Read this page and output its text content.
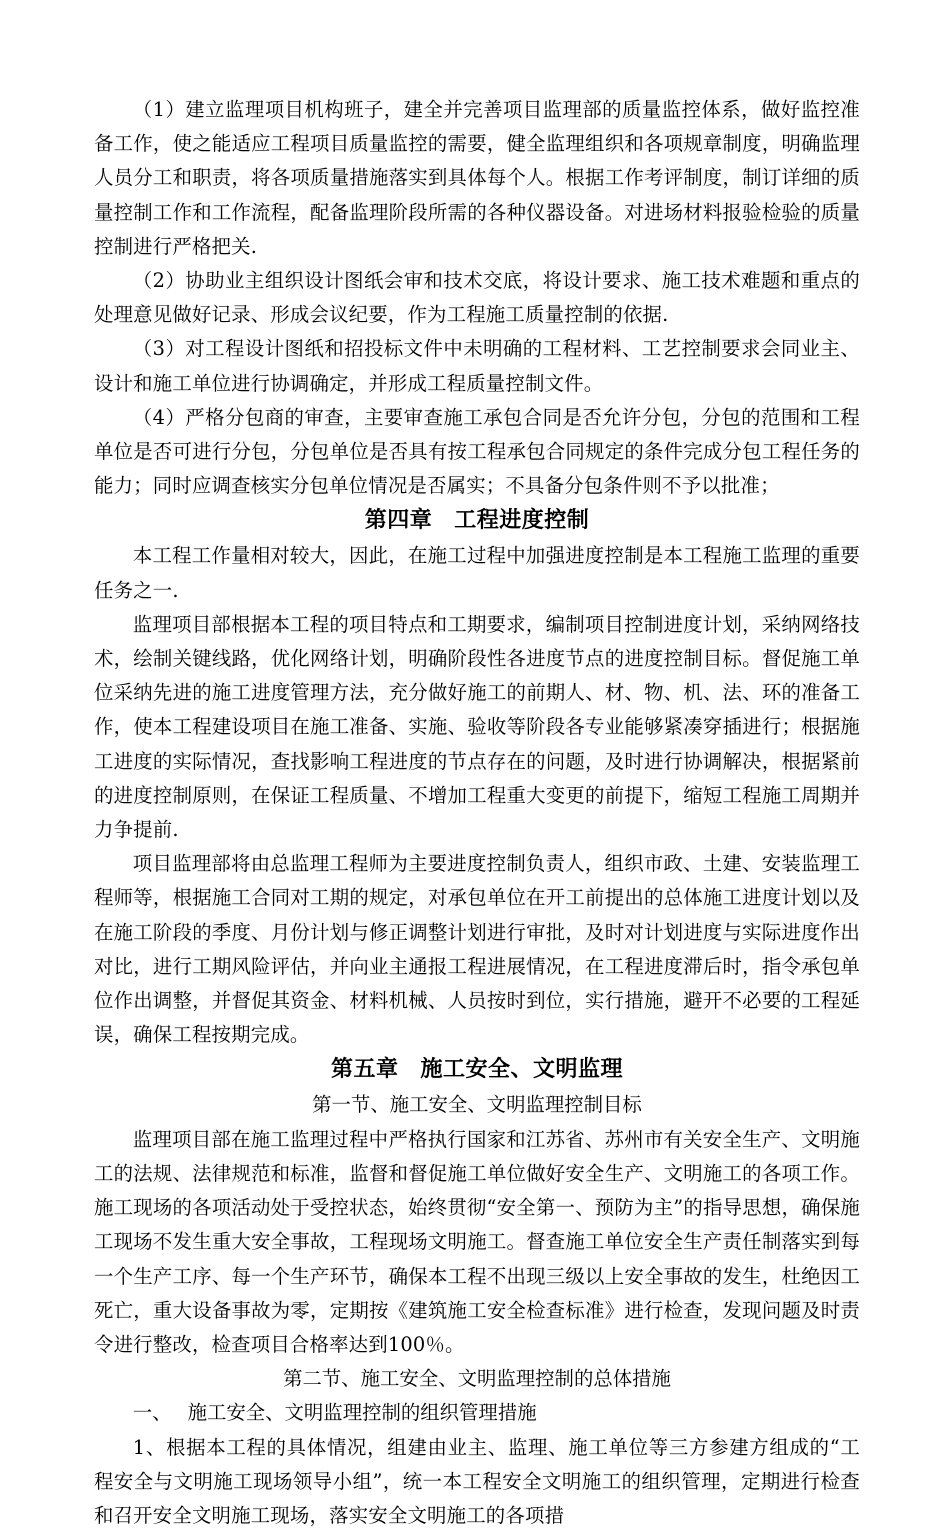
（1）建立监理项目机构班子，建全并完善项目监理部的质量监控体系，做好监控准备工作，使之能适应工程项目质量监控的需要，健全监理组织和各项规章制度，明确监理人员分工和职责，将各项质量措施落实到具体每个人。根据工作考评制度，制订详细的质量控制工作和工作流程，配备监理阶段所需的各种仪器设备。对进场材料报验检验的质量控制进行严格把关.

（2）协助业主组织设计图纸会审和技术交底，将设计要求、施工技术难题和重点的处理意见做好记录、形成会议纪要，作为工程施工质量控制的依据.

（3）对工程设计图纸和招投标文件中未明确的工程材料、工艺控制要求会同业主、设计和施工单位进行协调确定，并形成工程质量控制文件。

（4）严格分包商的审查，主要审查施工承包合同是否允许分包，分包的范围和工程单位是否可进行分包，分包单位是否具有按工程承包合同规定的条件完成分包工程任务的能力；同时应调查核实分包单位情况是否属实；不具备分包条件则不予以批准；

第四章 工程进度控制

本工程工作量相对较大，因此，在施工过程中加强进度控制是本工程施工监理的重要任务之一.

监理项目部根据本工程的项目特点和工期要求，编制项目控制进度计划，采纳网络技术，绘制关键线路，优化网络计划，明确阶段性各进度节点的进度控制目标。督促施工单位采纳先进的施工进度管理方法，充分做好施工的前期人、材、物、机、法、环的准备工作，使本工程建设项目在施工准备、实施、验收等阶段各专业能够紧凑穿插进行；根据施工进度的实际情况，查找影响工程进度的节点存在的问题，及时进行协调解决，根据紧前的进度控制原则，在保证工程质量、不增加工程重大变更的前提下，缩短工程施工周期并力争提前.

项目监理部将由总监理工程师为主要进度控制负责人，组织市政、土建、安装监理工程师等，根据施工合同对工期的规定，对承包单位在开工前提出的总体施工进度计划以及在施工阶段的季度、月份计划与修正调整计划进行审批，及时对计划进度与实际进度作出对比，进行工期风险评估，并向业主通报工程进展情况，在工程进度滞后时，指令承包单位作出调整，并督促其资金、材料机械、人员按时到位，实行措施，避开不必要的工程延误，确保工程按期完成。

第五章 施工安全、文明监理

第一节、施工安全、文明监理控制目标

监理项目部在施工监理过程中严格执行国家和江苏省、苏州市有关安全生产、文明施工的法规、法律规范和标准，监督和督促施工单位做好安全生产、文明施工的各项工作。施工现场的各项活动处于受控状态，始终贯彻“安全第一、预防为主”的指导思想，确保施工现场不发生重大安全事故，工程现场文明施工。督查施工单位安全生产责任制落实到每一个生产工序、每一个生产环节，确保本工程不出现三级以上安全事故的发生，杜绝因工死亡，重大设备事故为零，定期按《建筑施工安全检查标准》进行检查，发现问题及时责令进行整改，检查项目合格率达到100％。

第二节、施工安全、文明监理控制的总体措施

一、 施工安全、文明监理控制的组织管理措施

1、根据本工程的具体情况，组建由业主、监理、施工单位等三方参建方组成的“工程安全与文明施工现场领导小组”，统一本工程安全文明施工的组织管理，定期进行检查和召开安全文明施工现场，落实安全文明施工的各项措
